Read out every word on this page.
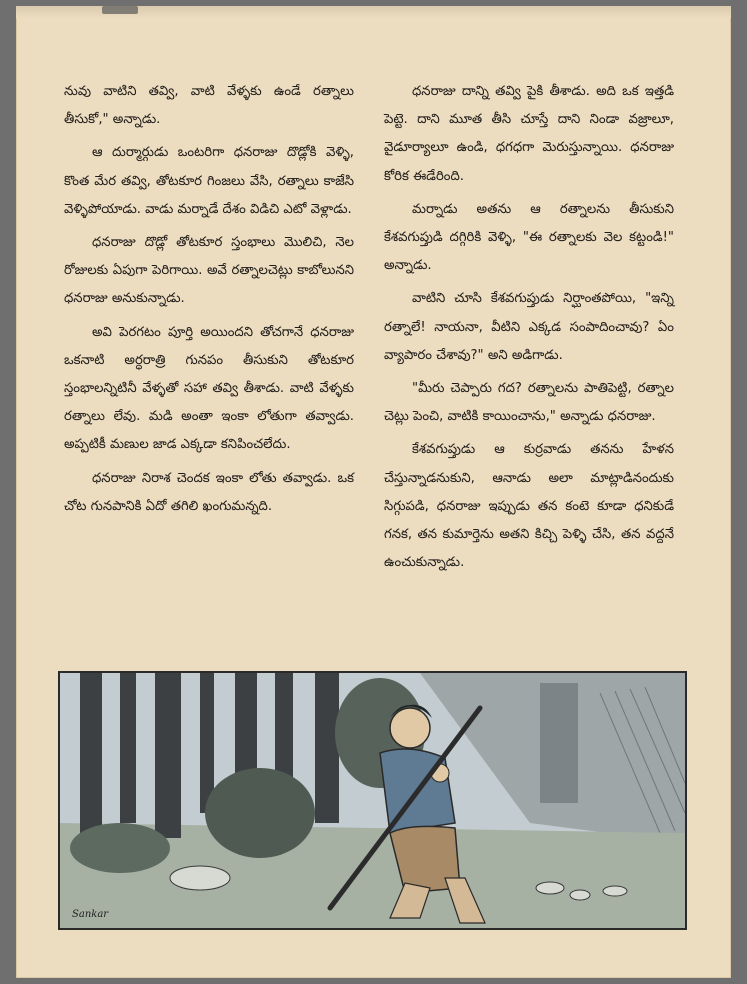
నువు వాటిని తవ్వి, వాటి వేళ్ళకు ఉండే రత్నాలు తీసుకో," అన్నాడు.

ఆ దుర్మార్గుడు ఒంటరిగా ధనరాజు దొడ్లోకి వెళ్ళి, కొంత మేర తవ్వి, తోటకూర గింజలు వేసి, రత్నాలు కాజేసి వెళ్ళిపోయాడు. వాడు మర్నాడే దేశం విడిచి ఎటో వెళ్లాడు.

ధనరాజు దొడ్లో తోటకూర స్తంభాలు మొలిచి, నెల రోజులకు ఏపుగా పెరిగాయి. అవే రత్నాలచెట్లు కాబోలునని ధనరాజు అనుకున్నాడు.

అవి పెరగటం పూర్తి అయిందని తోచగానే ధనరాజు ఒకనాటి అర్ధరాత్రి గునపం తీసుకుని తోటకూర స్తంభాలన్నిటినీ వేళ్ళతో సహా తవ్వి తీశాడు. వాటి వేళ్ళకు రత్నాలు లేవు. మడి అంతా ఇంకా లోతుగా తవ్వాడు. అప్పటికీ మణుల జాడ ఎక్కడా కనిపించలేదు.

ధనరాజు నిరాశ చెందక ఇంకా లోతు తవ్వాడు. ఒక చోట గునపానికి ఏదో తగిలి ఖంగుమన్నది.

ధనరాజు దాన్ని తవ్వి పైకి తీశాడు. అది ఒక ఇత్తడి పెట్టె. దాని మూత తీసి చూస్తే దాని నిండా వజ్రాలూ, వైడూర్యాలూ ఉండి, ధగధగా మెరుస్తున్నాయి. ధనరాజు కోరిక ఈడేరింది.

మర్నాడు అతను ఆ రత్నాలను తీసుకుని కేశవగుప్తుడి దగ్గిరికి వెళ్ళి, "ఈ రత్నాలకు వెల కట్టండి!" అన్నాడు.

వాటిని చూసి కేశవగుప్తుడు నిర్ఘాంతపోయి, "ఇన్ని రత్నాలే! నాయనా, వీటిని ఎక్కడ సంపాదించావు? ఏం వ్యాపారం చేశావు?" అని అడిగాడు.

"మీరు చెప్పారు గద? రత్నాలను పాతిపెట్టి, రత్నాల చెట్లు పెంచి, వాటికి కాయించాను," అన్నాడు ధనరాజు.

కేశవగుప్తుడు ఆ కుర్రవాడు తనను హేళన చేస్తున్నాడనుకుని, ఆనాడు అలా మాట్లాడినందుకు సిగ్గుపడి, ధనరాజు ఇప్పుడు తన కంటె కూడా ధనికుడే గనక, తన కుమార్తెను అతని కిచ్చి పెళ్ళి చేసి, తన వద్దనే ఉంచుకున్నాడు.

Sankar
